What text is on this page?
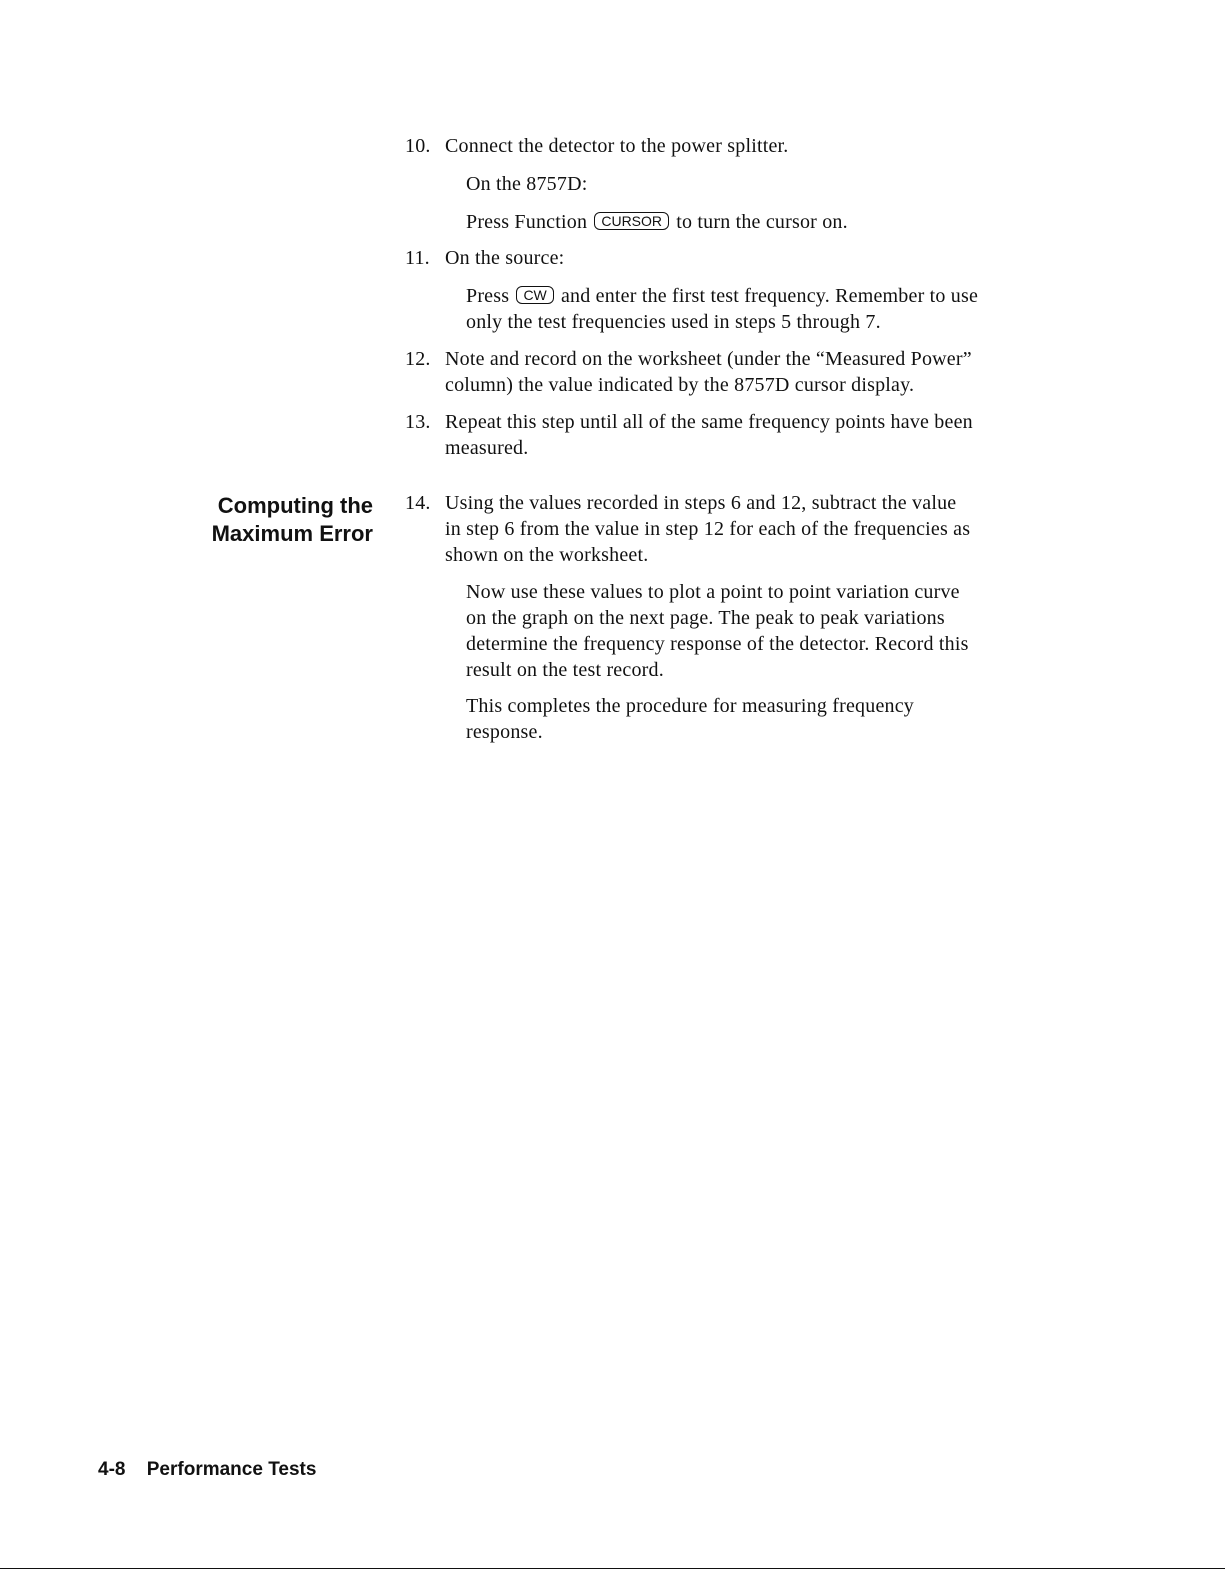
10. Connect the detector to the power splitter.
On the 8757D:
Press Function CURSOR to turn the cursor on.
11. On the source:
Press CW and enter the first test frequency. Remember to use
only the test frequencies used in steps 5 through 7.
12. Note and record on the worksheet (under the “Measured Power”
column) the value indicated by the 8757D cursor display.
13. Repeat this step until all of the same frequency points have been
measured.
Computing the
Maximum Error
14. Using the values recorded in steps 6 and 12, subtract the value
in step 6 from the value in step 12 for each of the frequencies as
shown on the worksheet.
Now use these values to plot a point to point variation curve
on the graph on the next page. The peak to peak variations
determine the frequency response of the detector. Record this
result on the test record.
This completes the procedure for measuring frequency
response.
4-8 Performance Tests
